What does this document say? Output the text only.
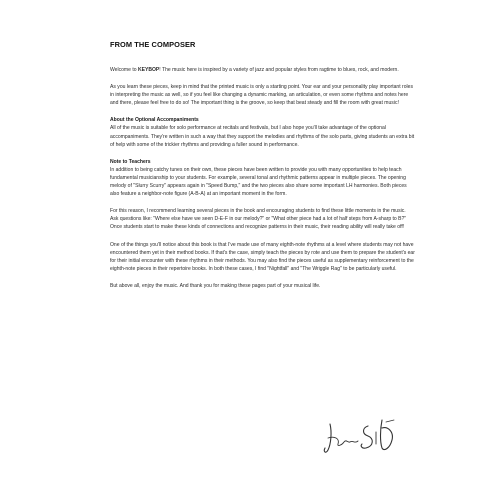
FROM THE COMPOSER

Welcome to KEYBOP! The music here is inspired by a variety of jazz and popular styles from ragtime to blues, rock, and modern.

As you learn these pieces, keep in mind that the printed music is only a starting point. Your ear and your personality play important roles in interpreting the music as well, so if you feel like changing a dynamic marking, an articulation, or even some rhythms and notes here and there, please feel free to do so! The important thing is the groove, so keep that beat steady and fill the room with great music!

About the Optional Accompaniments

All of the music is suitable for solo performance at recitals and festivals, but I also hope you'll take advantage of the optional accompaniments. They're written in such a way that they support the melodies and rhythms of the solo parts, giving students an extra bit of help with some of the trickier rhythms and providing a fuller sound in performance.

Note to Teachers

In addition to being catchy tunes on their own, these pieces have been written to provide you with many opportunities to help teach fundamental musicianship to your students. For example, several tonal and rhythmic patterns appear in multiple pieces. The opening melody of "Slurry Scurry" appears again in "Speed Bump," and the two pieces also share some important LH harmonies. Both pieces also feature a neighbor-note figure (A-B-A) at an important moment in the form.

For this reason, I recommend learning several pieces in the book and encouraging students to find these little moments in the music. Ask questions like: "Where else have we seen D-E-F in our melody?" or "What other piece had a lot of half steps from A-sharp to B?" Once students start to make these kinds of connections and recognize patterns in their music, their reading ability will really take off!

One of the things you'll notice about this book is that I've made use of many eighth-note rhythms at a level where students may not have encountered them yet in their method books. If that's the case, simply teach the pieces by rote and use them to prepare the student's ear for their initial encounter with these rhythms in their methods. You may also find the pieces useful as supplementary reinforcement to the eighth-note pieces in their repertoire books. In both these cases, I find "Nightfall" and "The Wriggle Rag" to be particularly useful.

But above all, enjoy the music. And thank you for making these pages part of your musical life.
